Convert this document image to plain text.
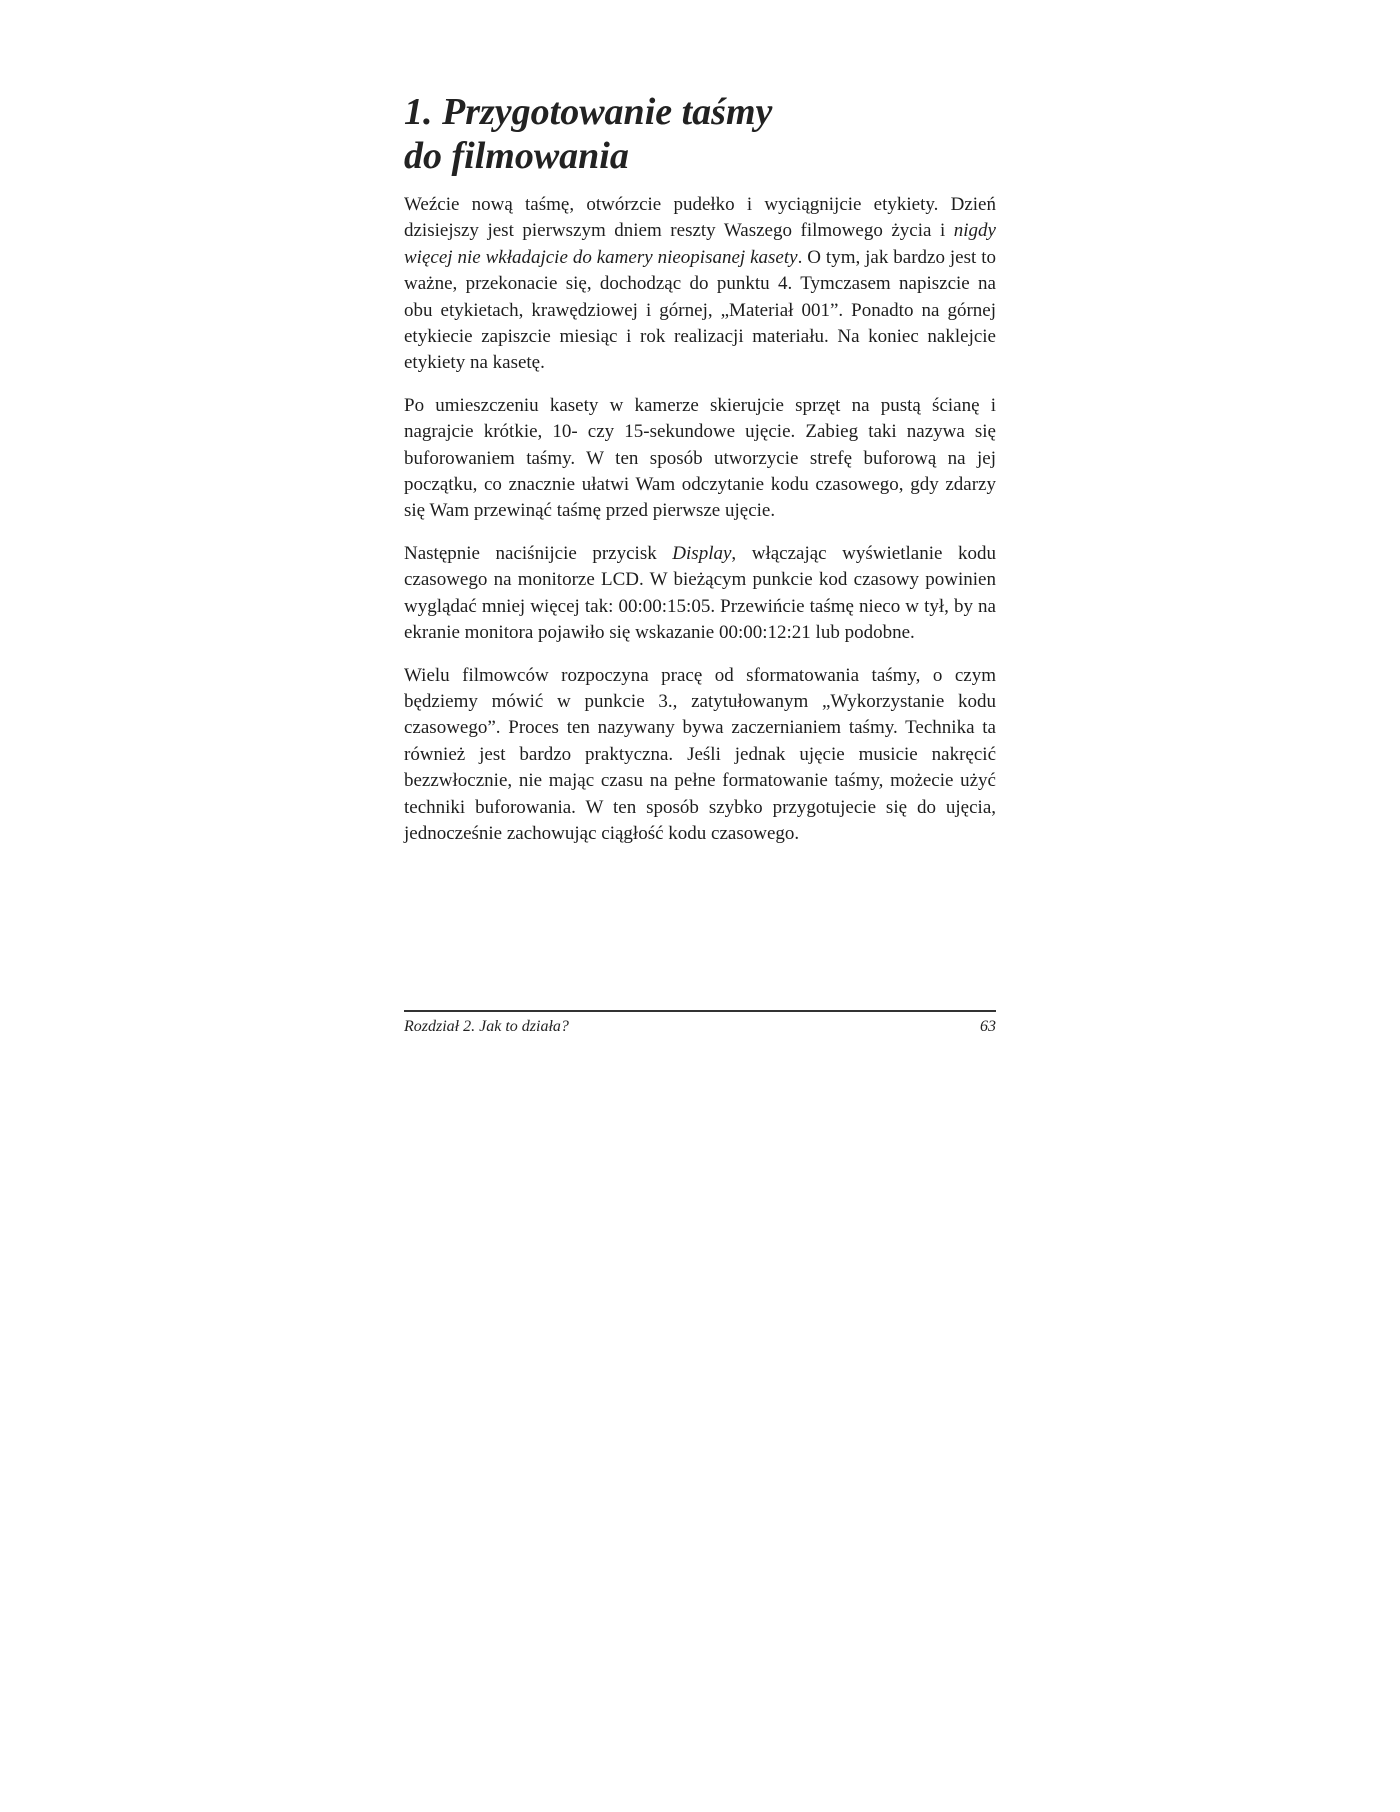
1. Przygotowanie taśmy
do filmowania

Weźcie nową taśmę, otwórzcie pudełko i wyciągnijcie etykiety. Dzień dzisiejszy jest pierwszym dniem reszty Waszego filmowego życia i nigdy więcej nie wkładajcie do kamery nieopisanej kasety. O tym, jak bardzo jest to ważne, przekonacie się, dochodząc do punktu 4. Tymczasem napiszcie na obu etykietach, krawędziowej i górnej, „Materiał 001”. Ponadto na górnej etykiecie zapiszcie miesiąc i rok realizacji materiału. Na koniec naklejcie etykiety na kasetę.

Po umieszczeniu kasety w kamerze skierujcie sprzęt na pustą ścianę i nagrajcie krótkie, 10- czy 15-sekundowe ujęcie. Zabieg taki nazywa się buforowaniem taśmy. W ten sposób utworzycie strefę buforową na jej początku, co znacznie ułatwi Wam odczytanie kodu czasowego, gdy zdarzy się Wam przewinąć taśmę przed pierwsze ujęcie.

Następnie naciśnijcie przycisk Display, włączając wyświetlanie kodu czasowego na monitorze LCD. W bieżącym punkcie kod czasowy powinien wyglądać mniej więcej tak: 00:00:15:05. Przewińcie taśmę nieco w tył, by na ekranie monitora pojawiło się wskazanie 00:00:12:21 lub podobne.

Wielu filmowców rozpoczyna pracę od sformatowania taśmy, o czym będziemy mówić w punkcie 3., zatytułowanym „Wykorzystanie kodu czasowego”. Proces ten nazywany bywa zaczernianiem taśmy. Technika ta również jest bardzo praktyczna. Jeśli jednak ujęcie musicie nakręcić bezzwłocznie, nie mając czasu na pełne formatowanie taśmy, możecie użyć techniki buforowania. W ten sposób szybko przygotujecie się do ujęcia, jednocześnie zachowując ciągłość kodu czasowego.

Rozdział 2. Jak to działa?	63
